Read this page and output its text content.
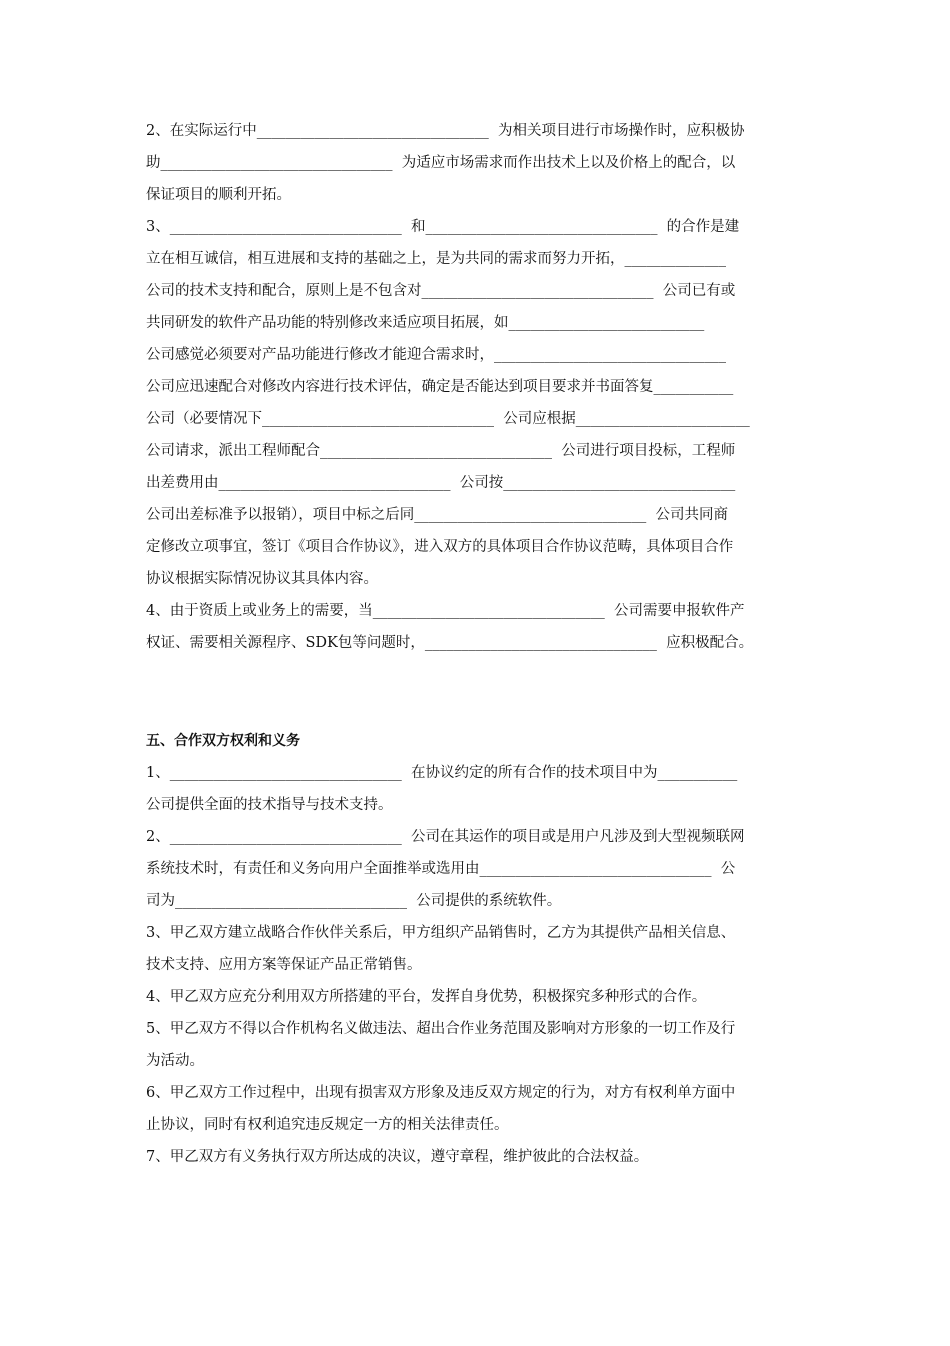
2、在实际运行中________________________________  为相关项目进行市场操作时，应积极协
助________________________________  为适应市场需求而作出技术上以及价格上的配合，以
保证项目的顺利开拓。
3、________________________________  和________________________________  的合作是建
立在相互诚信，相互进展和支持的基础之上，是为共同的需求而努力开拓，______________
公司的技术支持和配合，原则上是不包含对________________________________  公司已有或
共同研发的软件产品功能的特别修改来适应项目拓展，如___________________________
公司感觉必须要对产品功能进行修改才能迎合需求时，________________________________
公司应迅速配合对修改内容进行技术评估，确定是否能达到项目要求并书面答复___________
公司（必要情况下________________________________  公司应根据________________________
公司请求，派出工程师配合________________________________  公司进行项目投标，工程师
出差费用由________________________________  公司按________________________________
公司出差标准予以报销），项目中标之后同________________________________  公司共同商
定修改立项事宜，签订《项目合作协议》，进入双方的具体项目合作协议范畴，具体项目合作
协议根据实际情况协议其具体内容。
4、由于资质上或业务上的需要，当________________________________  公司需要申报软件产
权证、需要相关源程序、SDK包等问题时，________________________________  应积极配合。
五、合作双方权利和义务
1、________________________________  在协议约定的所有合作的技术项目中为___________
公司提供全面的技术指导与技术支持。
2、________________________________  公司在其运作的项目或是用户凡涉及到大型视频联网
系统技术时，有责任和义务向用户全面推举或选用由________________________________  公
司为________________________________  公司提供的系统软件。
3、甲乙双方建立战略合作伙伴关系后，甲方组织产品销售时，乙方为其提供产品相关信息、
技术支持、应用方案等保证产品正常销售。
4、甲乙双方应充分利用双方所搭建的平台，发挥自身优势，积极探究多种形式的合作。
5、甲乙双方不得以合作机构名义做违法、超出合作业务范围及影响对方形象的一切工作及行
为活动。
6、甲乙双方工作过程中，出现有损害双方形象及违反双方规定的行为，对方有权利单方面中
止协议，同时有权利追究违反规定一方的相关法律责任。
7、甲乙双方有义务执行双方所达成的决议，遵守章程，维护彼此的合法权益。
